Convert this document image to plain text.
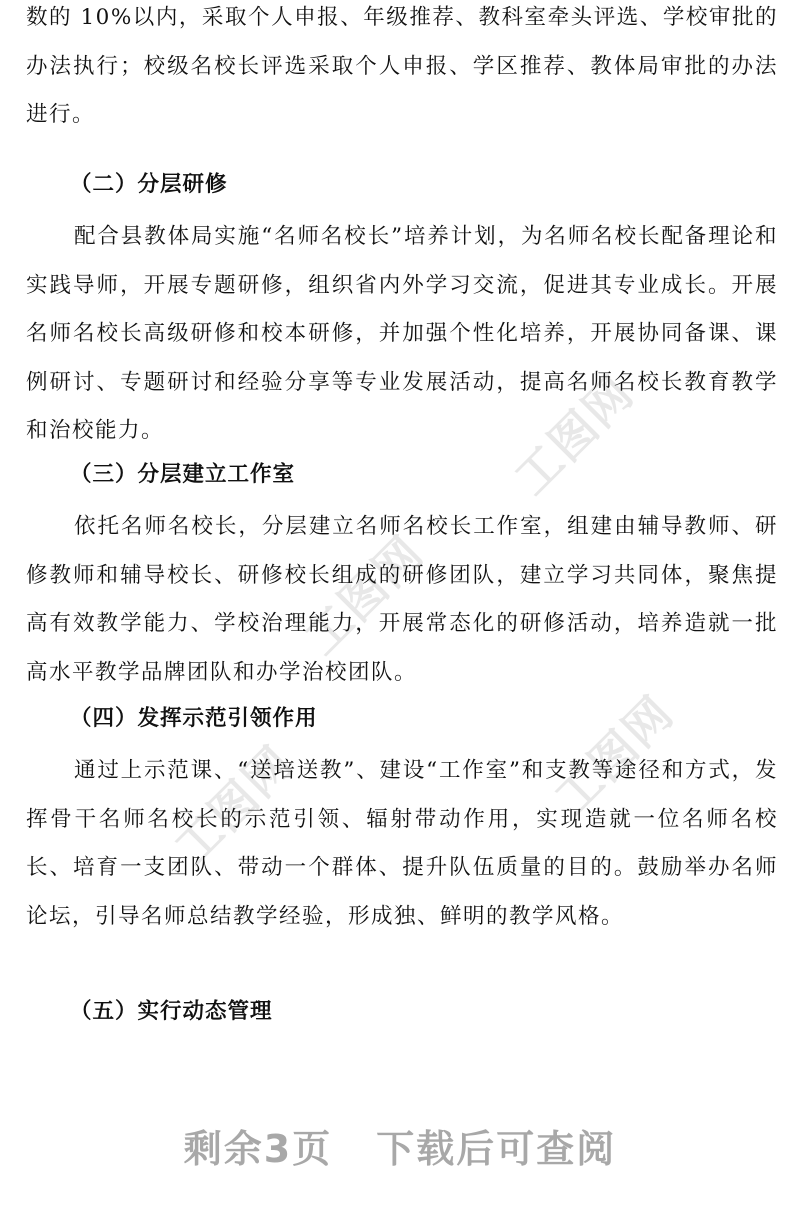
工图网
工图网
工图网
工图网

数的 10%以内，采取个人申报、年级推荐、教科室牵头评选、学校审批的办法执行；校级名校长评选采取个人申报、学区推荐、教体局审批的办法进行。

（二）分层研修

配合县教体局实施“名师名校长”培养计划，为名师名校长配备理论和实践导师，开展专题研修，组织省内外学习交流，促进其专业成长。开展名师名校长高级研修和校本研修，并加强个性化培养，开展协同备课、课例研讨、专题研讨和经验分享等专业发展活动，提高名师名校长教育教学和治校能力。

（三）分层建立工作室

依托名师名校长，分层建立名师名校长工作室，组建由辅导教师、研修教师和辅导校长、研修校长组成的研修团队，建立学习共同体，聚焦提高有效教学能力、学校治理能力，开展常态化的研修活动，培养造就一批高水平教学品牌团队和办学治校团队。

（四）发挥示范引领作用

通过上示范课、“送培送教”、建设“工作室”和支教等途径和方式，发挥骨干名师名校长的示范引领、辐射带动作用，实现造就一位名师名校长、培育一支团队、带动一个群体、提升队伍质量的目的。鼓励举办名师论坛，引导名师总结教学经验，形成独、鲜明的教学风格。

（五）实行动态管理
剩余3页 下载后可查阅
